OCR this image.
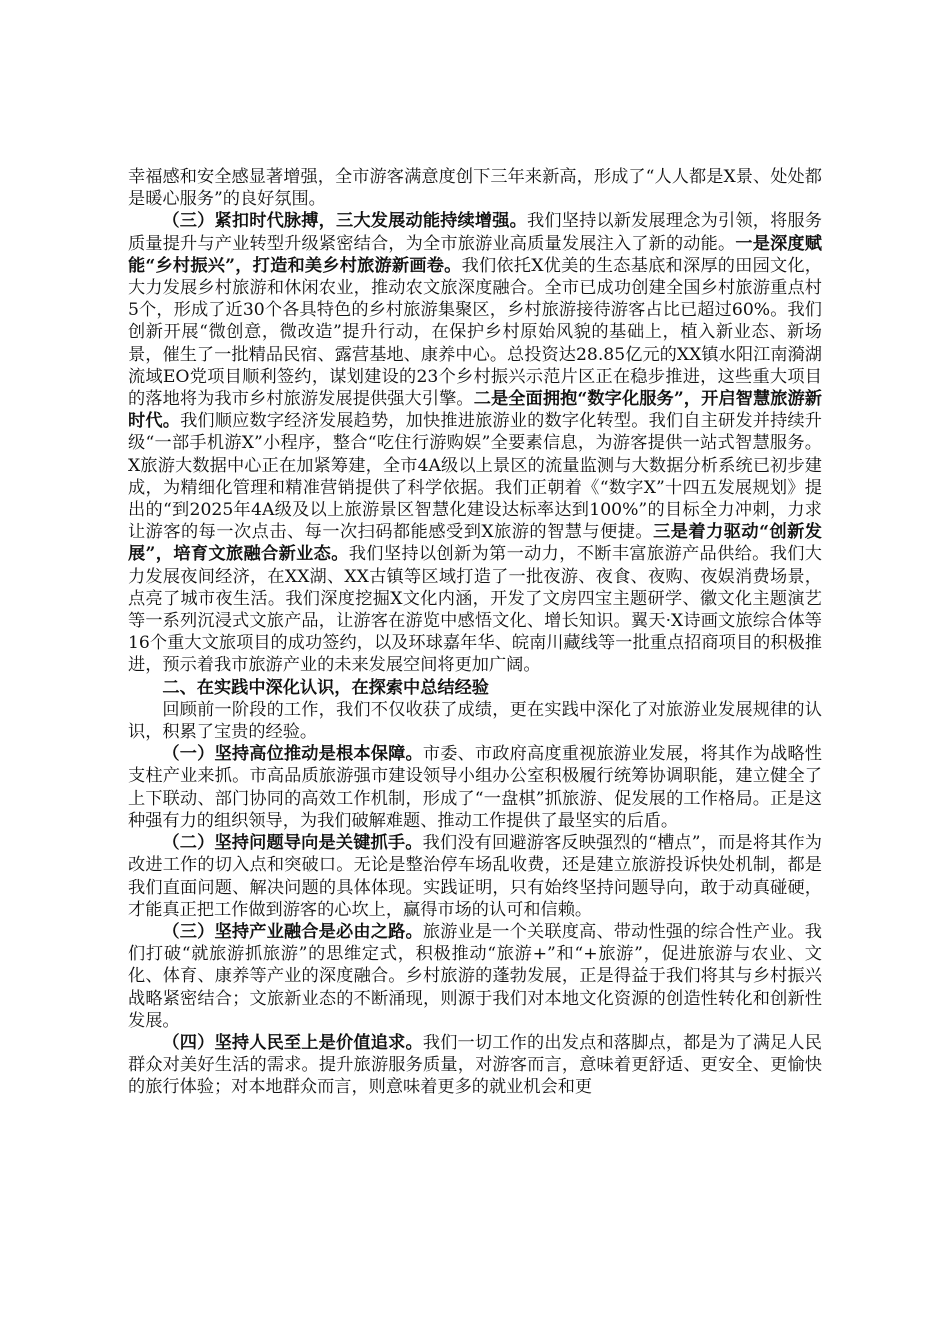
幸福感和安全感显著增强，全市游客满意度创下三年来新高，形成了“人人都是X景、处处都是暖心服务”的良好氛围。

（三）紧扣时代脉搏，三大发展动能持续增强。我们坚持以新发展理念为引领，将服务质量提升与产业转型升级紧密结合，为全市旅游业高质量发展注入了新的动能。一是深度赋能“乡村振兴”，打造和美乡村旅游新画卷。我们依托X优美的生态基底和深厚的田园文化，大力发展乡村旅游和休闲农业，推动农文旅深度融合。全市已成功创建全国乡村旅游重点村5个，形成了近30个各具特色的乡村旅游集聚区，乡村旅游接待游客占比已超过60%。我们创新开展“微创意，微改造”提升行动，在保护乡村原始风貌的基础上，植入新业态、新场景，催生了一批精品民宿、露营基地、康养中心。总投资达28.85亿元的XX镇水阳江南漪湖流域EO党项目顺利签约，谋划建设的23个乡村振兴示范片区正在稳步推进，这些重大项目的落地将为我市乡村旅游发展提供强大引擎。二是全面拥抱“数字化服务”，开启智慧旅游新时代。我们顺应数字经济发展趋势，加快推进旅游业的数字化转型。我们自主研发并持续升级“一部手机游X”小程序，整合“吃住行游购娱”全要素信息，为游客提供一站式智慧服务。X旅游大数据中心正在加紧筹建，全市4A级以上景区的流量监测与大数据分析系统已初步建成，为精细化管理和精准营销提供了科学依据。我们正朝着《“数字X”十四五发展规划》提出的“到2025年4A级及以上旅游景区智慧化建设达标率达到100%”的目标全力冲刺，力求让游客的每一次点击、每一次扫码都能感受到X旅游的智慧与便捷。三是着力驱动“创新发展”，培育文旅融合新业态。我们坚持以创新为第一动力，不断丰富旅游产品供给。我们大力发展夜间经济，在XX湖、XX古镇等区域打造了一批夜游、夜食、夜购、夜娱消费场景，点亮了城市夜生活。我们深度挖掘X文化内涵，开发了文房四宝主题研学、徽文化主题演艺等一系列沉浸式文旅产品，让游客在游览中感悟文化、增长知识。翼天·X诗画文旅综合体等16个重大文旅项目的成功签约，以及环球嘉年华、皖南川藏线等一批重点招商项目的积极推进，预示着我市旅游产业的未来发展空间将更加广阔。

二、在实践中深化认识，在探索中总结经验

回顾前一阶段的工作，我们不仅收获了成绩，更在实践中深化了对旅游业发展规律的认识，积累了宝贵的经验。

（一）坚持高位推动是根本保障。市委、市政府高度重视旅游业发展，将其作为战略性支柱产业来抓。市高品质旅游强市建设领导小组办公室积极履行统筹协调职能，建立健全了上下联动、部门协同的高效工作机制，形成了“一盘棋”抓旅游、促发展的工作格局。正是这种强有力的组织领导，为我们破解难题、推动工作提供了最坚实的后盾。

（二）坚持问题导向是关键抓手。我们没有回避游客反映强烈的“槽点”，而是将其作为改进工作的切入点和突破口。无论是整治停车场乱收费，还是建立旅游投诉快处机制，都是我们直面问题、解决问题的具体体现。实践证明，只有始终坚持问题导向，敢于动真碰硬，才能真正把工作做到游客的心坎上，赢得市场的认可和信赖。

（三）坚持产业融合是必由之路。旅游业是一个关联度高、带动性强的综合性产业。我们打破“就旅游抓旅游”的思维定式，积极推动“旅游+”和“+旅游”，促进旅游与农业、文化、体育、康养等产业的深度融合。乡村旅游的蓬勃发展，正是得益于我们将其与乡村振兴战略紧密结合；文旅新业态的不断涌现，则源于我们对本地文化资源的创造性转化和创新性发展。

（四）坚持人民至上是价值追求。我们一切工作的出发点和落脚点，都是为了满足人民群众对美好生活的需求。提升旅游服务质量，对游客而言，意味着更舒适、更安全、更愉快的旅行体验；对本地群众而言，则意味着更多的就业机会和更
